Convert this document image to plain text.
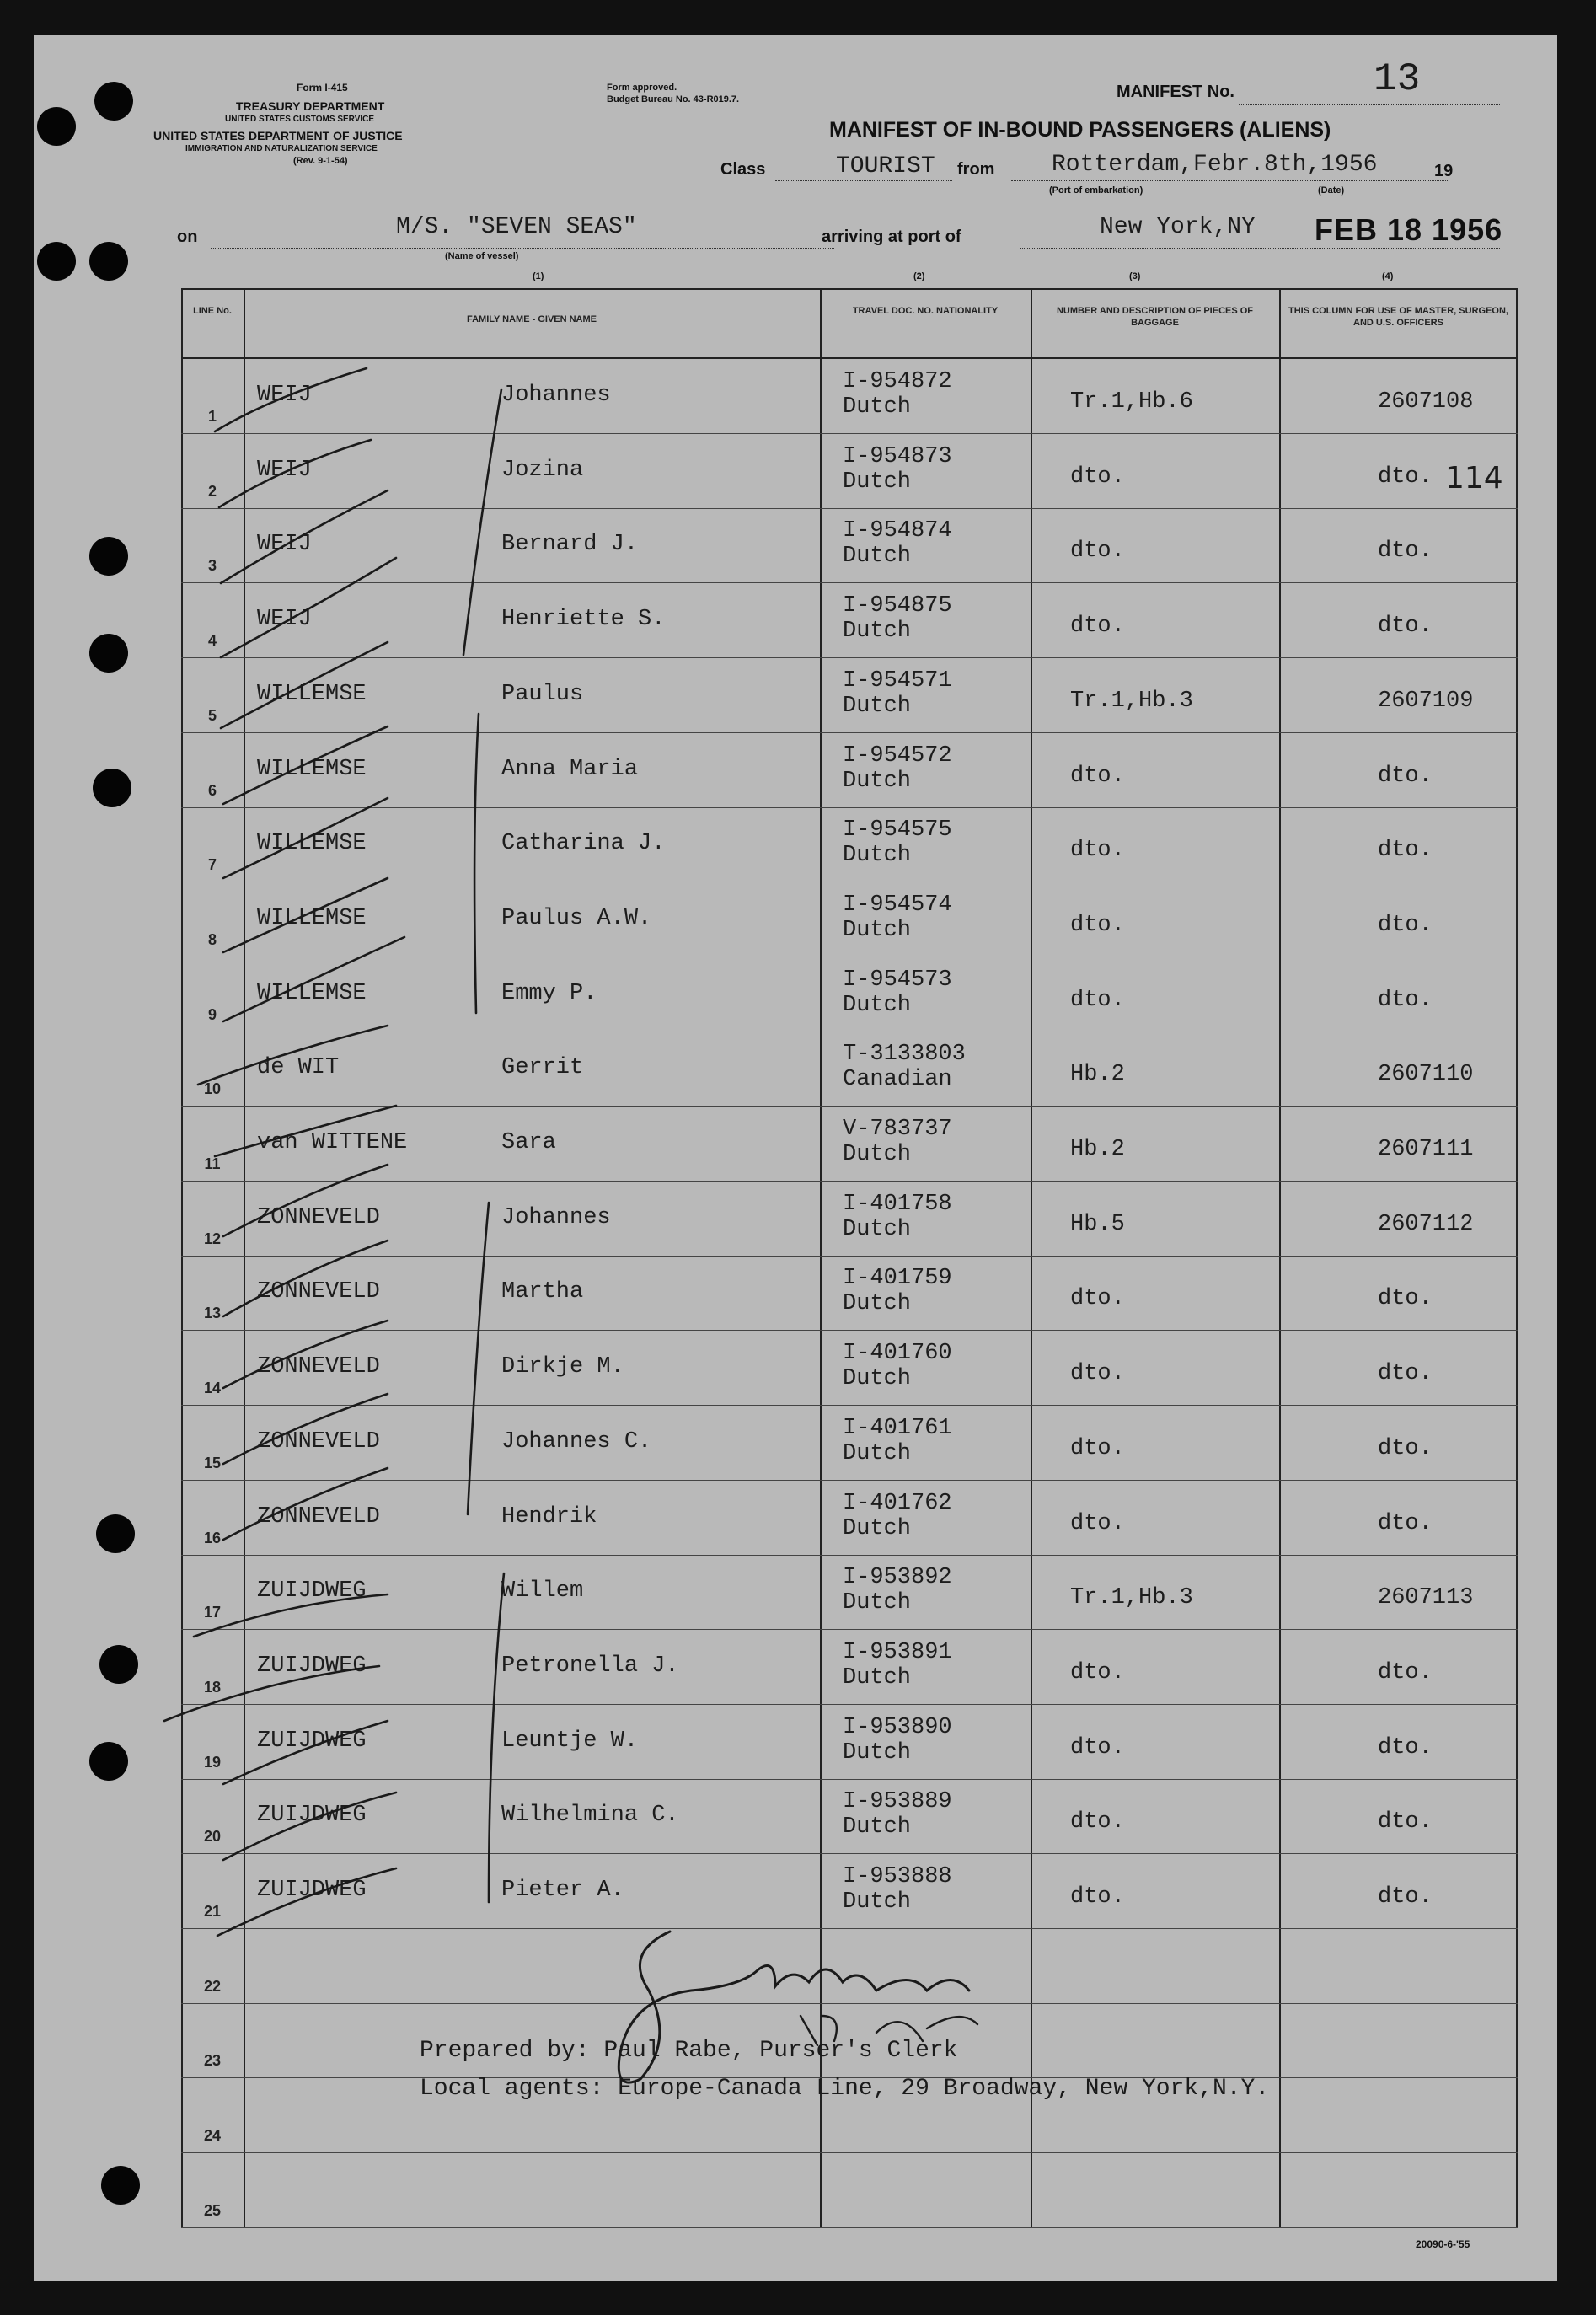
Form I-415
TREASURY DEPARTMENT
UNITED STATES CUSTOMS SERVICE
UNITED STATES DEPARTMENT OF JUSTICE
IMMIGRATION AND NATURALIZATION SERVICE
(Rev. 9-1-54)
Form approved.
Budget Bureau No. 43-R019.7.	MANIFEST No.	13
MANIFEST OF IN-BOUND PASSENGERS (ALIENS)
Class	TOURIST from Rotterdam,Febr.8th,1956	19
(Port of embarkation)	(Date)
on	M/S. "SEVEN SEAS"
(Name of vessel)
arriving at port of	New York,NY FEB 18 1956
(1)	(2)	(3)	(4)
LINE No.
FAMILY NAME - GIVEN NAME
TRAVEL DOC. NO. NATIONALITY	NUMBER AND DESCRIPTION OF PIECES OF BAGGAGE
THIS COLUMN FOR USE OF MASTER, SURGEON, AND U.S. OFFICERS
1
WEIJ	Johannes
I-954872
Dutch	Tr.1,Hb.6	2607108
2
WEIJ	Jozina
I-954873
Dutch	dto.	dto.
3
WEIJ	Bernard J.
I-954874
Dutch	dto.	dto.
4
WEIJ	Henriette S.
I-954875
Dutch	dto.	dto.
5
WILLEMSE	Paulus
I-954571
Dutch	Tr.1,Hb.3	2607109
6
WILLEMSE	Anna Maria
I-954572
Dutch	dto.	dto.
7
WILLEMSE	Catharina J.
I-954575
Dutch	dto.	dto.
8
WILLEMSE	Paulus A.W.
I-954574
Dutch	dto.	dto.
9
WILLEMSE	Emmy P.
I-954573
Dutch	dto.	dto.
10
de WIT	Gerrit
T-3133803
Canadian	Hb.2	2607110
11
van WITTENE	Sara
V-783737
Dutch	Hb.2	2607111
12
ZONNEVELD	Johannes
I-401758
Dutch	Hb.5	2607112
13
ZONNEVELD	Martha
I-401759
Dutch	dto.	dto.
14
ZONNEVELD	Dirkje M.
I-401760
Dutch	dto.	dto.
15
ZONNEVELD	Johannes C.
I-401761
Dutch	dto.	dto.
16
ZONNEVELD	Hendrik
I-401762
Dutch	dto.	dto.
17
ZUIJDWEG	Willem
I-953892
Dutch	Tr.1,Hb.3	2607113
18
ZUIJDWEG	Petronella J.
I-953891
Dutch	dto.	dto.
19
ZUIJDWEG	Leuntje W.
I-953890
Dutch	dto.	dto.
20
ZUIJDWEG	Wilhelmina C.
I-953889
Dutch	dto.	dto.
21
ZUIJDWEG	Pieter A.
I-953888
Dutch	dto.	dto.
22
23
24
25
114
Prepared by: Paul Rabe, Purser's Clerk
Local agents: Europe-Canada Line, 29 Broadway, New York,N.Y.
20090-6-'55
